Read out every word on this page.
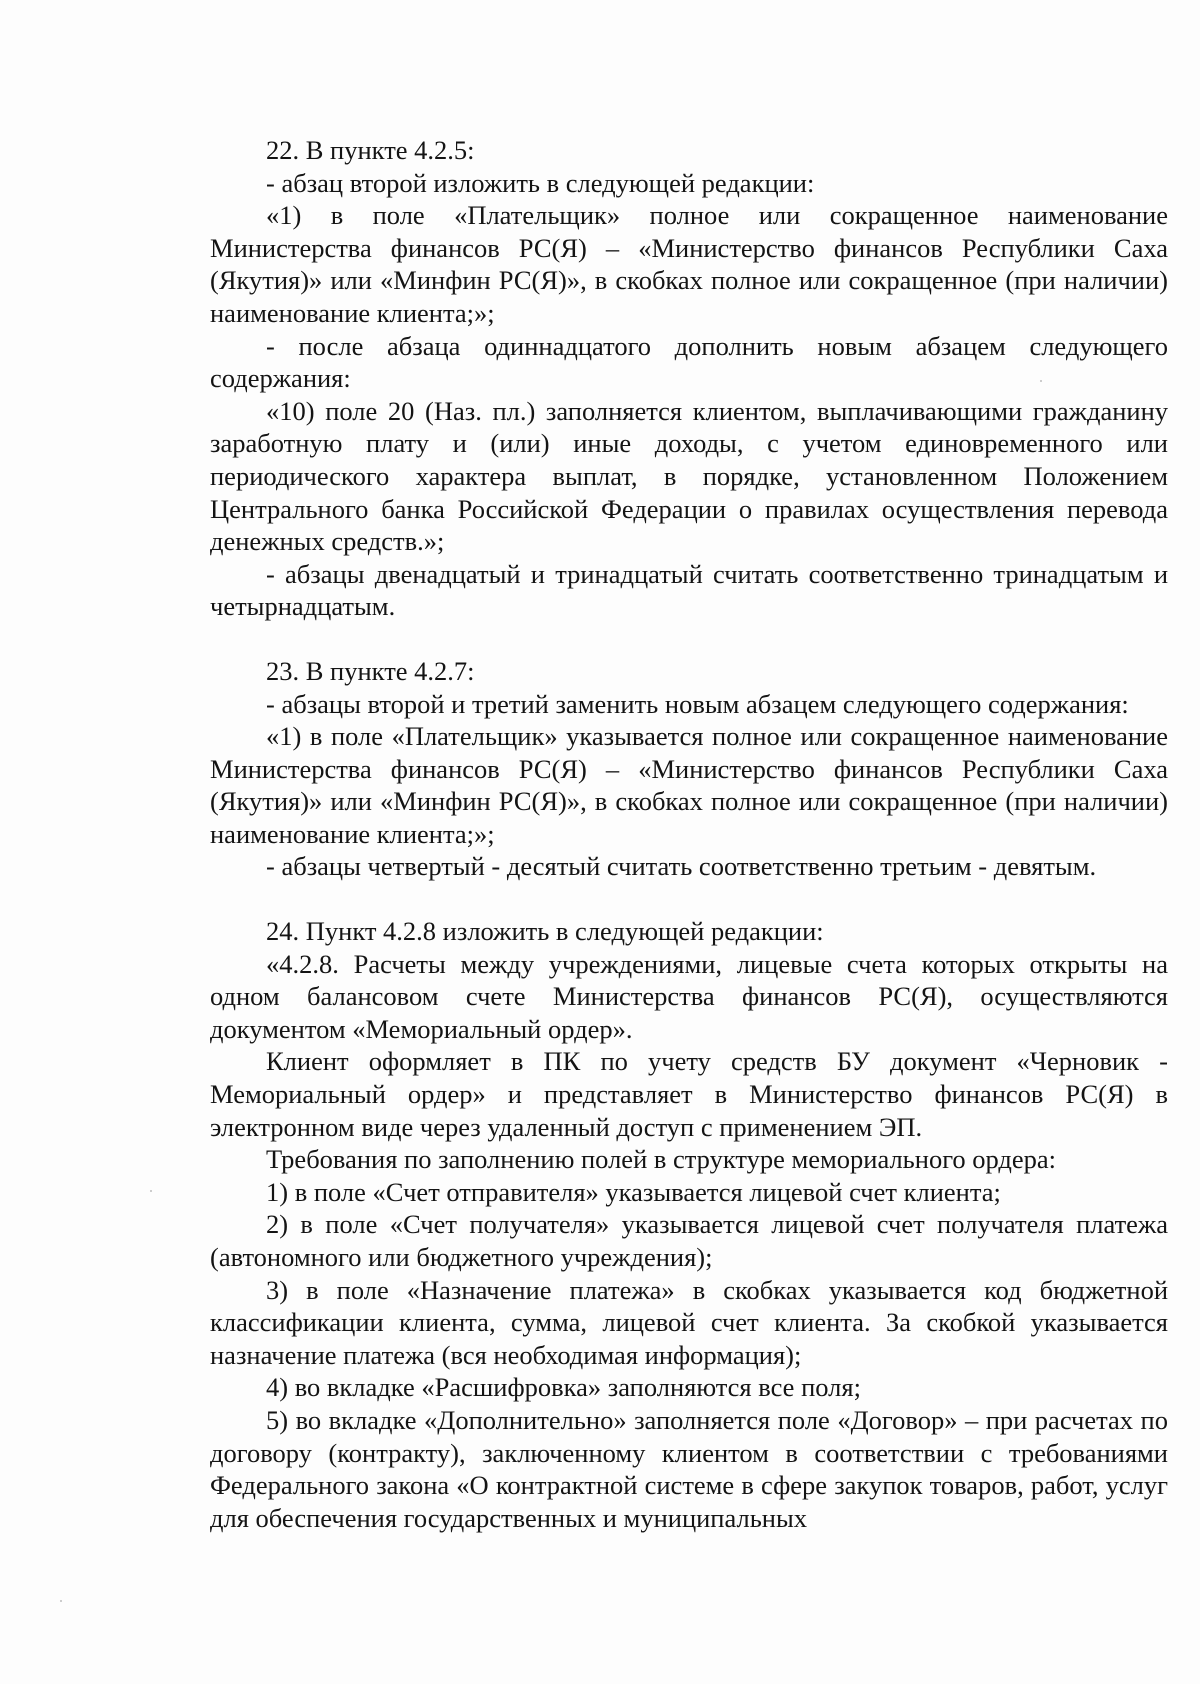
22. В пункте 4.2.5:

- абзац второй изложить в следующей редакции:

«1) в поле «Плательщик» полное или сокращенное наименование Министерства финансов РС(Я) – «Министерство финансов Республики Саха (Якутия)» или «Минфин РС(Я)», в скобках полное или сокращенное (при наличии) наименование клиента;»;

- после абзаца одиннадцатого дополнить новым абзацем следующего содержания:

«10) поле 20 (Наз. пл.) заполняется клиентом, выплачивающими гражданину заработную плату и (или) иные доходы, с учетом единовременного или периодического характера выплат, в порядке, установленном Положением Центрального банка Российской Федерации о правилах осуществления перевода денежных средств.»;

- абзацы двенадцатый и тринадцатый считать соответственно тринадцатым и четырнадцатым.

23. В пункте 4.2.7:

- абзацы второй и третий заменить новым абзацем следующего содержания:

«1) в поле «Плательщик» указывается полное или сокращенное наименование Министерства финансов РС(Я) – «Министерство финансов Республики Саха (Якутия)» или «Минфин РС(Я)», в скобках полное или сокращенное (при наличии) наименование клиента;»;

- абзацы четвертый - десятый считать соответственно третьим - девятым.

24. Пункт 4.2.8 изложить в следующей редакции:

«4.2.8. Расчеты между учреждениями, лицевые счета которых открыты на одном балансовом счете Министерства финансов РС(Я), осуществляются документом «Мемориальный ордер».

Клиент оформляет в ПК по учету средств БУ документ «Черновик - Мемориальный ордер» и представляет в Министерство финансов РС(Я) в электронном виде через удаленный доступ с применением ЭП.

Требования по заполнению полей в структуре мемориального ордера:

1) в поле «Счет отправителя» указывается лицевой счет клиента;

2) в поле «Счет получателя» указывается лицевой счет получателя платежа (автономного или бюджетного учреждения);

3) в поле «Назначение платежа» в скобках указывается код бюджетной классификации клиента, сумма, лицевой счет клиента. За скобкой указывается назначение платежа (вся необходимая информация);

4) во вкладке «Расшифровка» заполняются все поля;

5) во вкладке «Дополнительно» заполняется поле «Договор» – при расчетах по договору (контракту), заключенному клиентом в соответствии с требованиями Федерального закона «О контрактной системе в сфере закупок товаров, работ, услуг для обеспечения государственных и муниципальных
